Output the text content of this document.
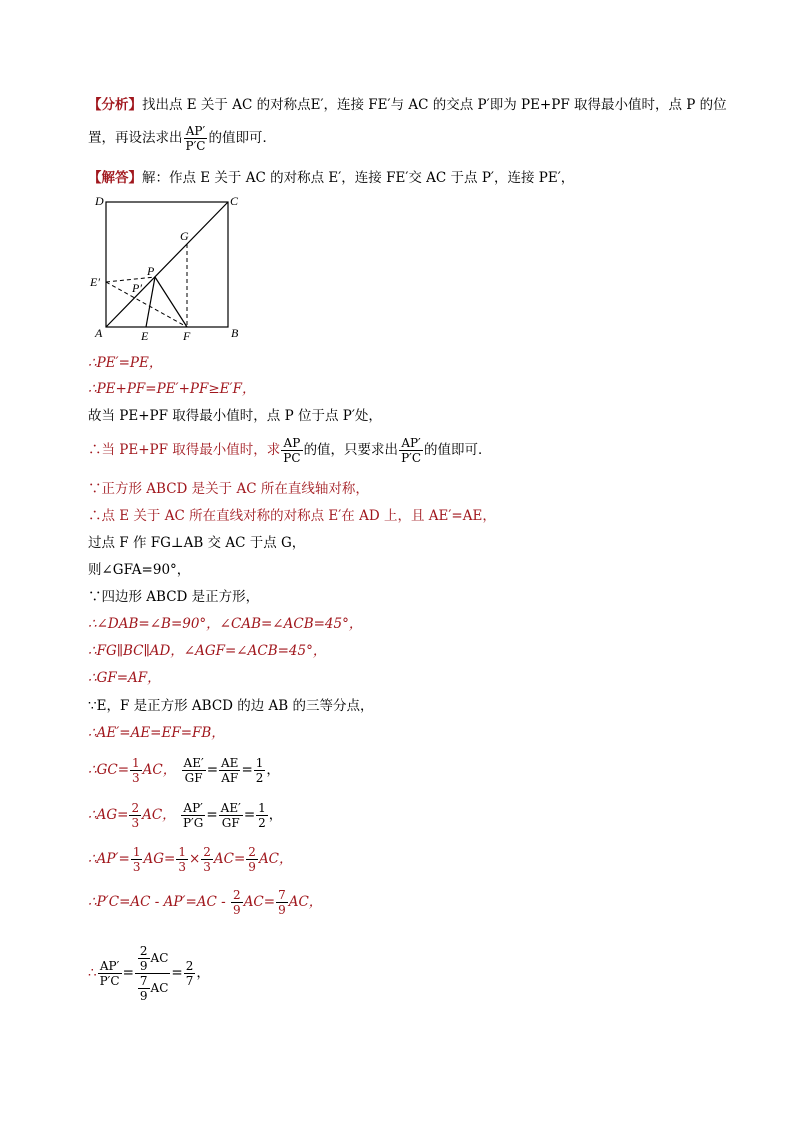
【分析】找出点 E 关于 AC 的对称点E′，连接 FE′与 AC 的交点 P′即为 PE+PF 取得最小值时，点 P 的位
置，再设法求出 $\frac{AP'}{P'C}$ 的值即可．
【解答】解：作点 E 关于 AC 的对称点 E′，连接 FE′交 AC 于点 P′，连接 PE′，
D	C
G
P
P′
E′
A	E	F	B
∴PE′=PE，
∴PE+PF=PE′+PF≥E′F，
故当 PE+PF 取得最小值时，点 P 位于点 P′处，
∴当 PE+PF 取得最小值时，求 $\frac{AP}{PC}$ 的值，只要求出 $\frac{AP'}{P'C}$ 的值即可．
∵正方形 ABCD 是关于 AC 所在直线轴对称，
∴点 E 关于 AC 所在直线对称的对称点 E′在 AD 上，且 AE′=AE，
过点 F 作 FG⊥AB 交 AC 于点 G，
则∠GFA=90°，
∵四边形 ABCD 是正方形，
∴∠DAB=∠B=90°，∠CAB=∠ACB=45°，
∴FG∥BC∥AD，∠AGF=∠ACB=45°，
∴GF=AF，
∵E，F 是正方形 ABCD 的边 AB 的三等分点，
∴AE′=AE=EF=FB，
∴GC= $\frac{1}{3}$ AC， $\frac{AE'}{GF} = \frac{AE}{AF} = \frac{1}{2}$ ，
∴AG= $\frac{2}{3}$ AC， $\frac{AP'}{P'G} = \frac{AE'}{GF} = \frac{1}{2}$ ，
∴AP′= $\frac{1}{3} AG= \frac{1}{3} \times \frac{2}{3} AC= \frac{2}{9}$ AC，
∴P′C=AC - $AP'=AC - \frac{2}{9} AC= \frac{7}{9}$ AC，
∴ $\frac{AP'}{P'C} = \frac{\frac{2}{9} AC}{\frac{7}{9} AC} = \frac{2}{7}$ ，
